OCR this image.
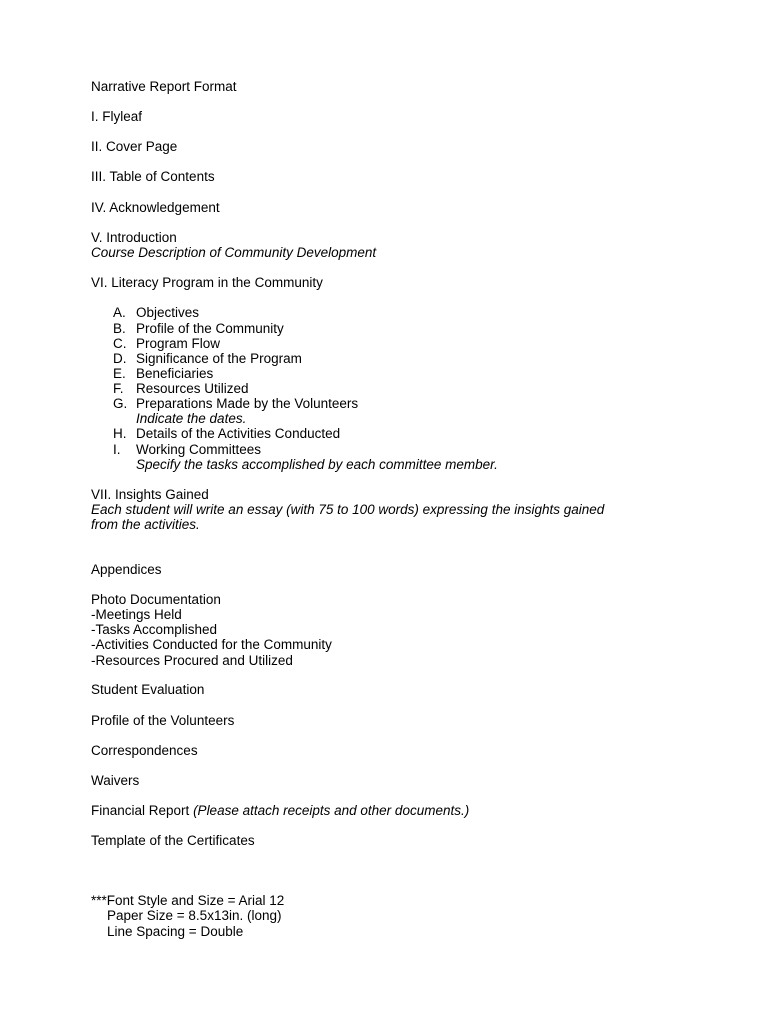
Narrative Report Format
I. Flyleaf
II. Cover Page
III. Table of Contents
IV. Acknowledgement
V. Introduction
Course Description of Community Development
VI. Literacy Program in the Community
A. Objectives
B. Profile of the Community
C. Program Flow
D. Significance of the Program
E. Beneficiaries
F. Resources Utilized
G. Preparations Made by the Volunteers
Indicate the dates.
H. Details of the Activities Conducted
I. Working Committees
Specify the tasks accomplished by each committee member.
VII. Insights Gained
Each student will write an essay (with 75 to 100 words) expressing the insights gained
from the activities.
Appendices
Photo Documentation
-Meetings Held
-Tasks Accomplished
-Activities Conducted for the Community
-Resources Procured and Utilized
Student Evaluation
Profile of the Volunteers
Correspondences
Waivers
Financial Report (Please attach receipts and other documents.)
Template of the Certificates
***Font Style and Size = Arial 12
Paper Size = 8.5x13in. (long)
Line Spacing = Double
